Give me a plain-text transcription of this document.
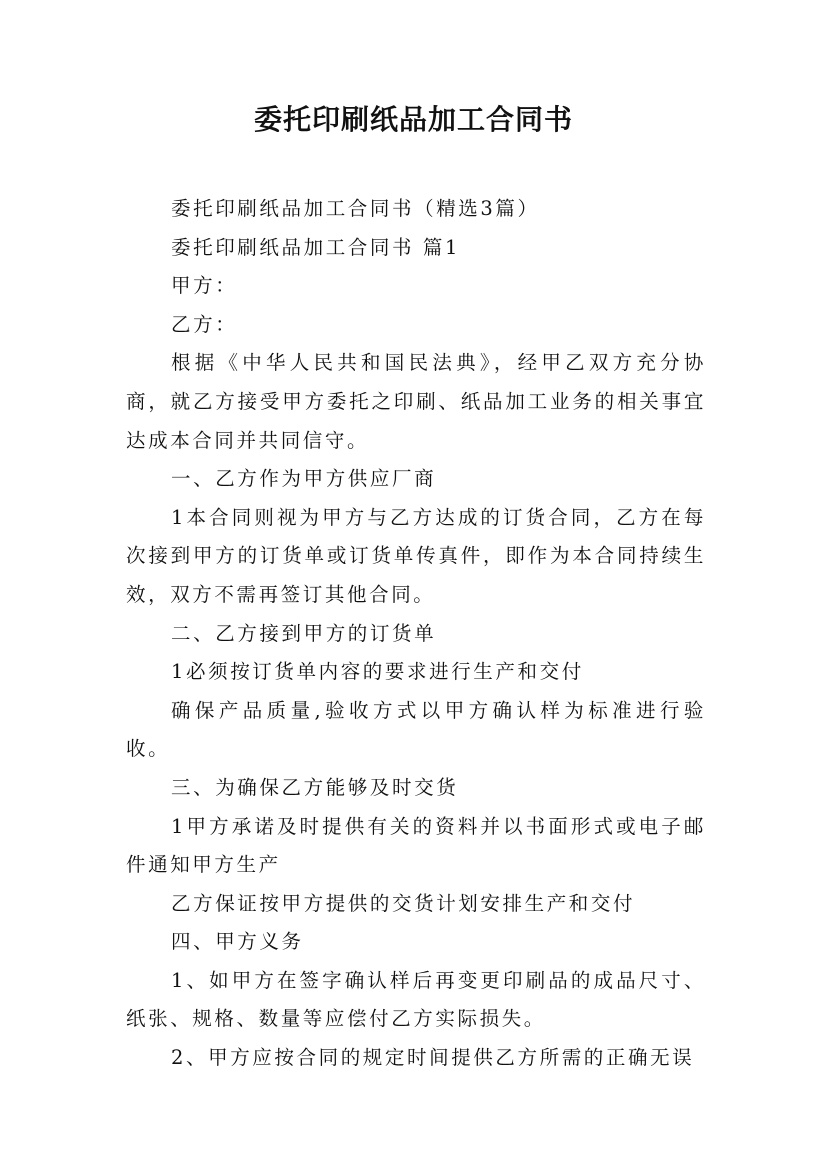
委托印刷纸品加工合同书

委托印刷纸品加工合同书（精选3篇）

委托印刷纸品加工合同书 篇1

甲方：

乙方：

根据《中华人民共和国民法典》，经甲乙双方充分协商，就乙方接受甲方委托之印刷、纸品加工业务的相关事宜达成本合同并共同信守。

一、乙方作为甲方供应厂商

1本合同则视为甲方与乙方达成的订货合同，乙方在每次接到甲方的订货单或订货单传真件，即作为本合同持续生效，双方不需再签订其他合同。

二、乙方接到甲方的订货单

1必须按订货单内容的要求进行生产和交付

确保产品质量,验收方式以甲方确认样为标准进行验收。

三、为确保乙方能够及时交货

1甲方承诺及时提供有关的资料并以书面形式或电子邮件通知甲方生产

乙方保证按甲方提供的交货计划安排生产和交付

四、甲方义务

1、如甲方在签字确认样后再变更印刷品的成品尺寸、纸张、规格、数量等应偿付乙方实际损失。

2、甲方应按合同的规定时间提供乙方所需的正确无误
